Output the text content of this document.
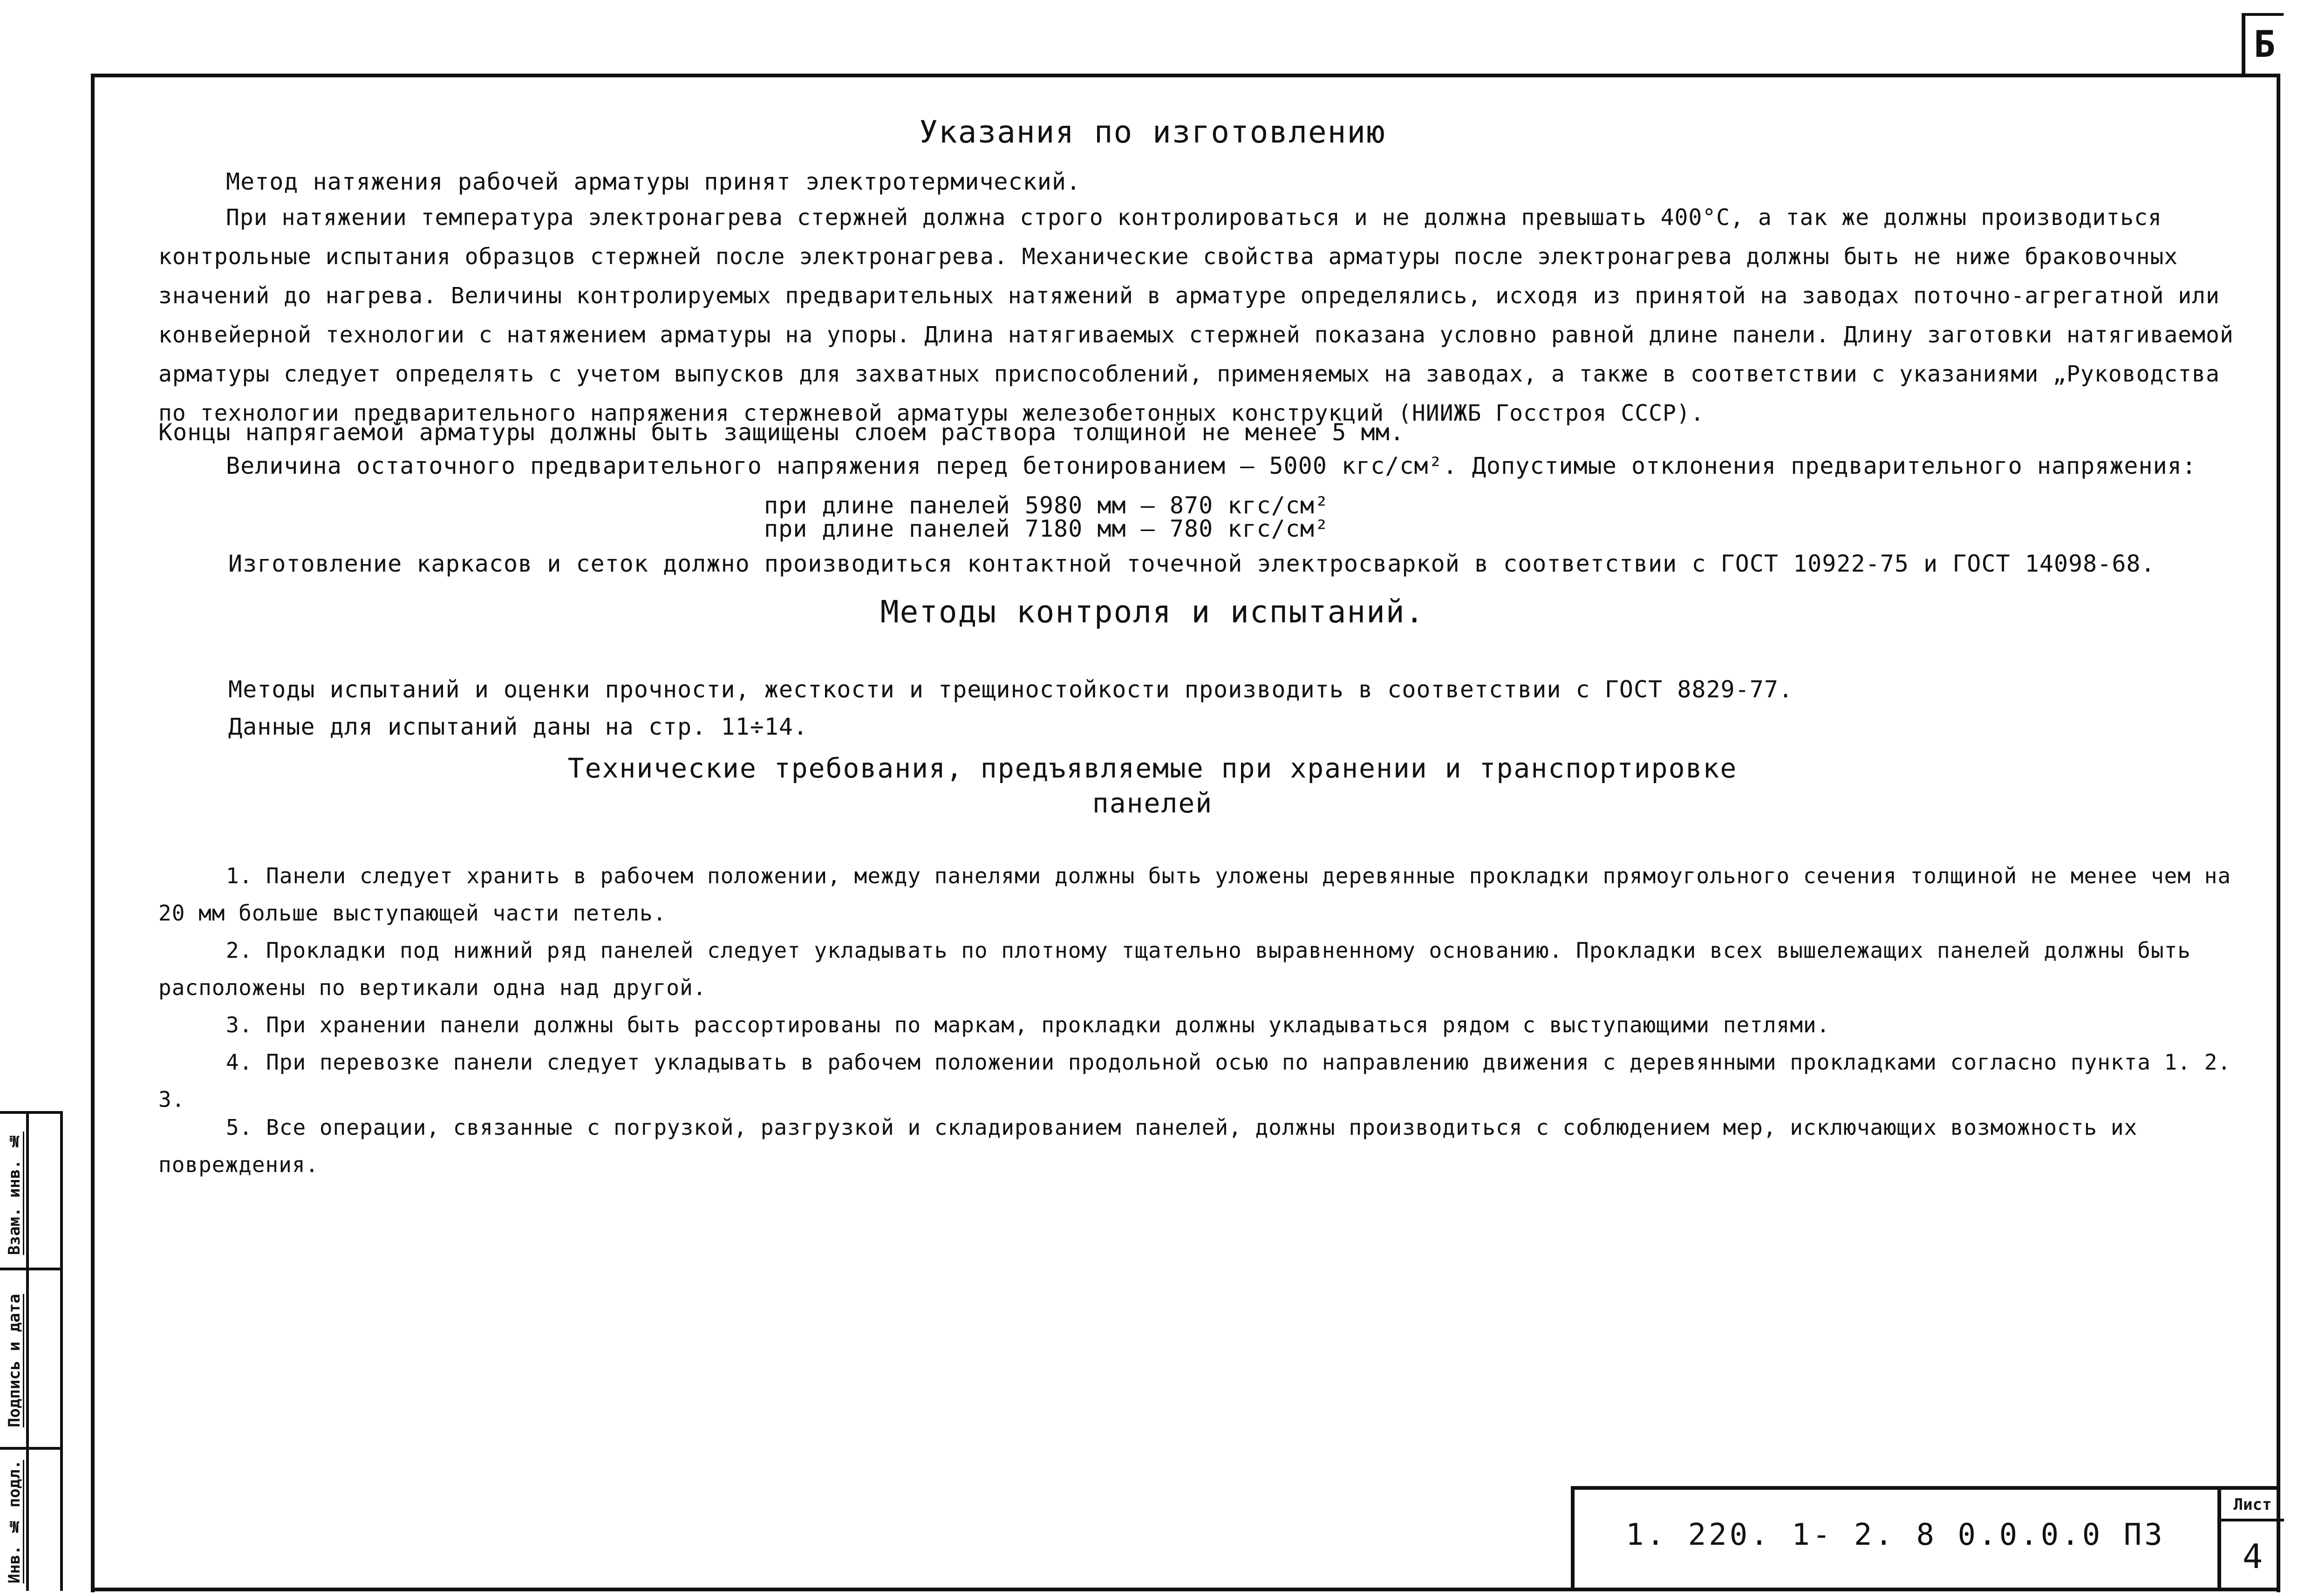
Б
Указания по изготовлению
Метод натяжения рабочей арматуры принят электротермический.
При натяжении температура электронагрева стержней должна строго контролироваться и не должна превышать 400°С, а так же должны производиться контрольные испытания образцов стержней после электронагрева. Механические свойства арматуры после электронагрева должны быть не ниже браковочных значений до нагрева. Величины контролируемых предварительных натяжений в арматуре определялись, исходя из принятой на заводах поточно-агрегатной или конвейерной технологии с натяжением арматуры на упоры. Длина натягиваемых стержней показана условно равной длине панели. Длину заготовки натягиваемой арматуры следует определять с учетом выпусков для захватных приспособлений, применяемых на заводах, а также в соответствии с указаниями „Руководства по технологии предварительного напряжения стержневой арматуры железобетонных конструкций (НИИЖБ Госстроя СССР).
Концы напрягаемой арматуры должны быть защищены слоем раствора толщиной не менее 5 мм.
Величина остаточного предварительного напряжения перед бетонированием – 5000 кгс/см². Допустимые отклонения предварительного напряжения:
при длине панелей 5980 мм – 870 кгс/см²
при длине панелей 7180 мм – 780 кгс/см²
Изготовление каркасов и сеток должно производиться контактной точечной электросваркой в соответствии с ГОСТ 10922-75 и ГОСТ 14098-68.
Методы контроля и испытаний.
Методы испытаний и оценки прочности, жесткости и трещиностойкости производить в соответствии с ГОСТ 8829-77.
Данные для испытаний даны на стр. 11÷14.
Технические требования, предъявляемые при хранении и транспортировке
панелей
1. Панели следует хранить в рабочем положении, между панелями должны быть уложены деревянные прокладки прямоугольного сечения толщиной не менее чем на 20 мм больше выступающей части петель.
2. Прокладки под нижний ряд панелей следует укладывать по плотному тщательно выравненному основанию. Прокладки всех вышележащих панелей должны быть расположены по вертикали одна над другой.
3. При хранении панели должны быть рассортированы по маркам, прокладки должны укладываться рядом с выступающими петлями.
4. При перевозке панели следует укладывать в рабочем положении продольной осью по направлению движения с деревянными прокладками согласно пункта 1. 2. 3.
5. Все операции, связанные с погрузкой, разгрузкой и складированием панелей, должны производиться с соблюдением мер, исключающих возможность их повреждения.
Взам. инв. №
Подпись и дата
Инв. № подл.	1. 220. 1- 2. 8 0.0.0.0 ПЗ
Лист
4
